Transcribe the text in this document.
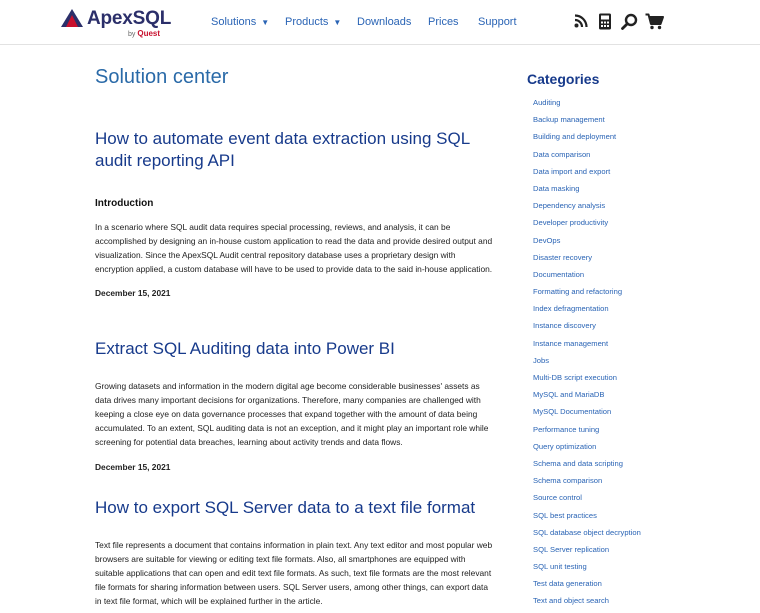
ApexSQL
by Quest
Solutions ▼ Products ▼ Downloads Prices Support
Solution center
How to automate event data extraction using SQL audit reporting API
Introduction

In a scenario where SQL audit data requires special processing, reviews, and analysis, it can be accomplished by designing an in-house custom application to read the data and provide desired output and visualization. Since the ApexSQL Audit central repository database uses a proprietary design with encryption applied, a custom database will have to be used to provide data to the said in-house application.

December 15, 2021
Extract SQL Auditing data into Power BI

Growing datasets and information in the modern digital age become considerable businesses' assets as data drives many important decisions for organizations. Therefore, many companies are challenged with keeping a close eye on data governance processes that expand together with the amount of data being accumulated. To an extent, SQL auditing data is not an exception, and it might play an important role while screening for potential data breaches, learning about activity trends and data flows.

December 15, 2021
How to export SQL Server data to a text file format

Text file represents a document that contains information in plain text. Any text editor and most popular web browsers are suitable for viewing or editing text file formats. Also, all smartphones are equipped with suitable applications that can open and edit text file formats. As such, text file formats are the most relevant file formats for sharing information between users. SQL Server users, among other things, can export data in text file format, which will be explained further in the article.

Categories
Auditing
Backup management
Building and deployment
Data comparison
Data import and export
Data masking
Dependency analysis
Developer productivity
DevOps
Disaster recovery
Documentation
Formatting and refactoring
Index defragmentation
Instance discovery
Instance management
Jobs
Multi-DB script execution
MySQL and MariaDB
MySQL Documentation
Performance tuning
Query optimization
Schema and data scripting
Schema comparison
Source control
SQL best practices
SQL database object decryption
SQL Server replication
SQL unit testing
Test data generation
Text and object search
